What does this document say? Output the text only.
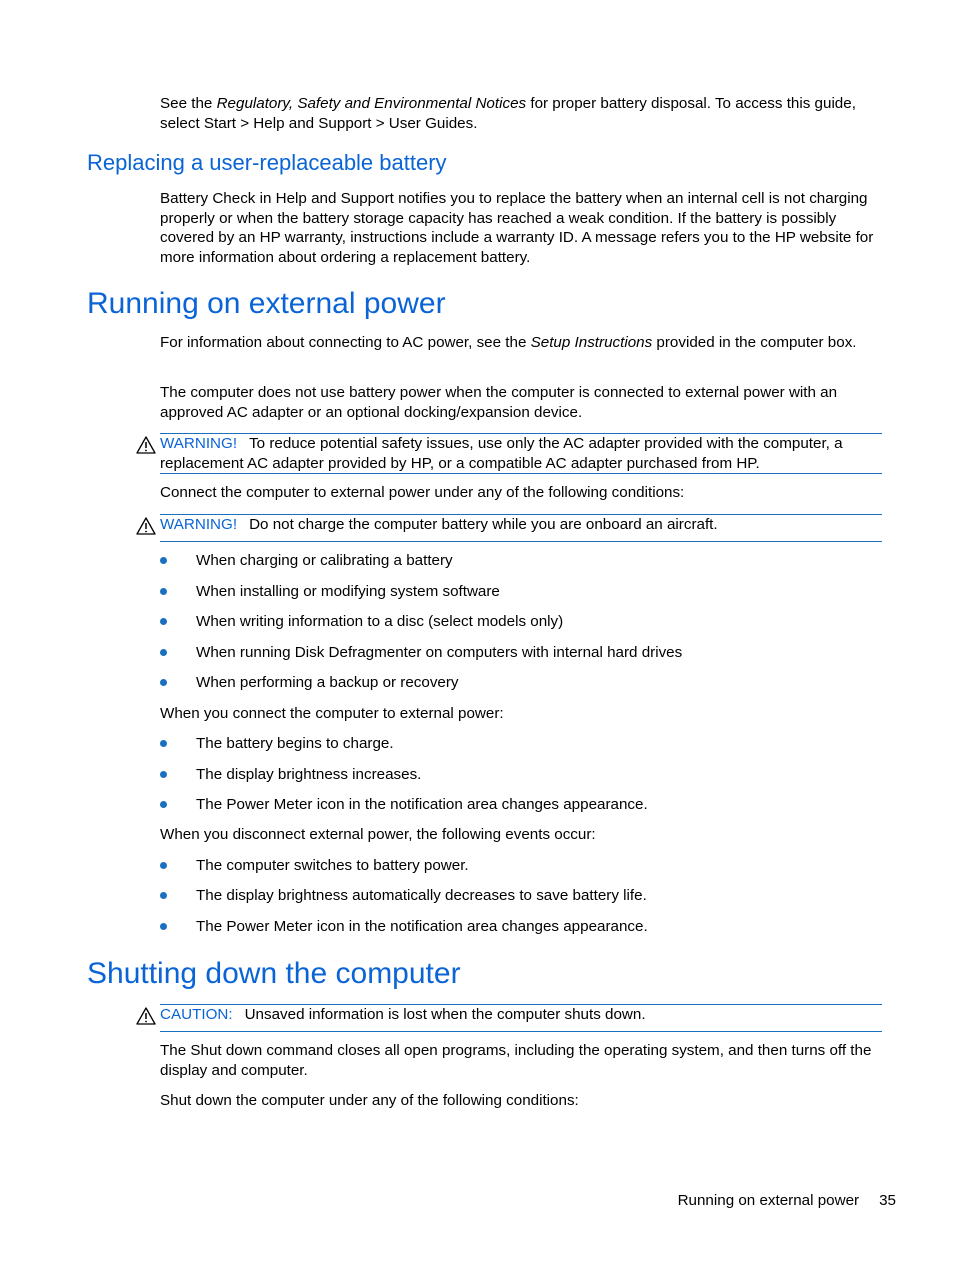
See the Regulatory, Safety and Environmental Notices for proper battery disposal. To access this guide, select Start > Help and Support > User Guides.
Replacing a user-replaceable battery
Battery Check in Help and Support notifies you to replace the battery when an internal cell is not charging properly or when the battery storage capacity has reached a weak condition. If the battery is possibly covered by an HP warranty, instructions include a warranty ID. A message refers you to the HP website for more information about ordering a replacement battery.
Running on external power
For information about connecting to AC power, see the Setup Instructions provided in the computer box.
The computer does not use battery power when the computer is connected to external power with an approved AC adapter or an optional docking/expansion device.
WARNING! To reduce potential safety issues, use only the AC adapter provided with the computer, a replacement AC adapter provided by HP, or a compatible AC adapter purchased from HP.
Connect the computer to external power under any of the following conditions:
WARNING! Do not charge the computer battery while you are onboard an aircraft.
When charging or calibrating a battery
When installing or modifying system software
When writing information to a disc (select models only)
When running Disk Defragmenter on computers with internal hard drives
When performing a backup or recovery
When you connect the computer to external power:
The battery begins to charge.
The display brightness increases.
The Power Meter icon in the notification area changes appearance.
When you disconnect external power, the following events occur:
The computer switches to battery power.
The display brightness automatically decreases to save battery life.
The Power Meter icon in the notification area changes appearance.
Shutting down the computer
CAUTION: Unsaved information is lost when the computer shuts down.
The Shut down command closes all open programs, including the operating system, and then turns off the display and computer.
Shut down the computer under any of the following conditions:
Running on external power 35
